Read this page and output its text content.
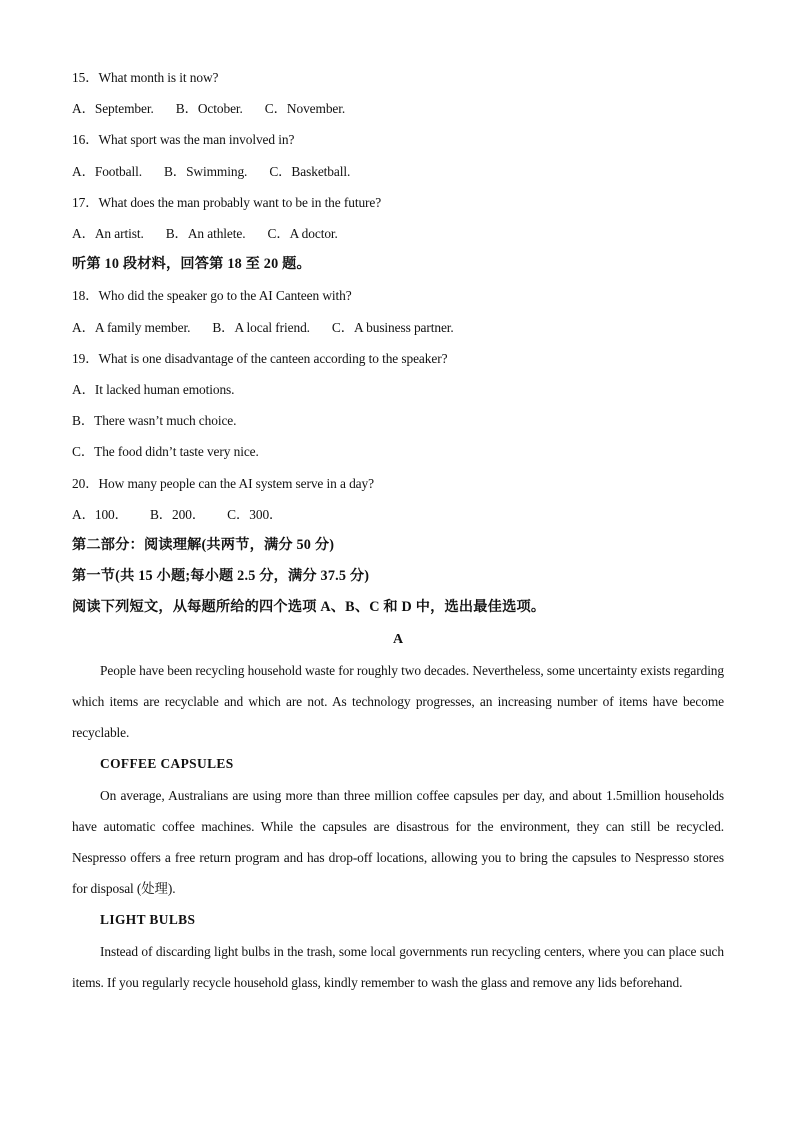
15．What month is it now?
A．September. B．October. C．November.
16．What sport was the man involved in?
A．Football. B．Swimming. C．Basketball.
17．What does the man probably want to be in the future?
A．An artist. B．An athlete. C．A doctor.
听第 10 段材料，回答第 18 至 20 题。
18．Who did the speaker go to the AI Canteen with?
A．A family member. B．A local friend. C．A business partner.
19．What is one disadvantage of the canteen according to the speaker?
A．It lacked human emotions.
B．There wasn’t much choice.
C．The food didn’t taste very nice.
20．How many people can the AI system serve in a day?
A．100． B．200． C．300．
第二部分：阅读理解(共两节，满分 50 分)
第一节(共 15 小题;每小题 2.5 分，满分 37.5 分)
阅读下列短文，从每题所给的四个选项 A、B、C 和 D 中，选出最佳选项。
A
People have been recycling household waste for roughly two decades. Nevertheless, some uncertainty exists regarding which items are recyclable and which are not. As technology progresses, an increasing number of items have become recyclable.
COFFEE CAPSULES
On average, Australians are using more than three million coffee capsules per day, and about 1.5million households have automatic coffee machines. While the capsules are disastrous for the environment, they can still be recycled. Nespresso offers a free return program and has drop-off locations, allowing you to bring the capsules to Nespresso stores for disposal (处理).
LIGHT BULBS
Instead of discarding light bulbs in the trash, some local governments run recycling centers, where you can place such items. If you regularly recycle household glass, kindly remember to wash the glass and remove any lids beforehand.
